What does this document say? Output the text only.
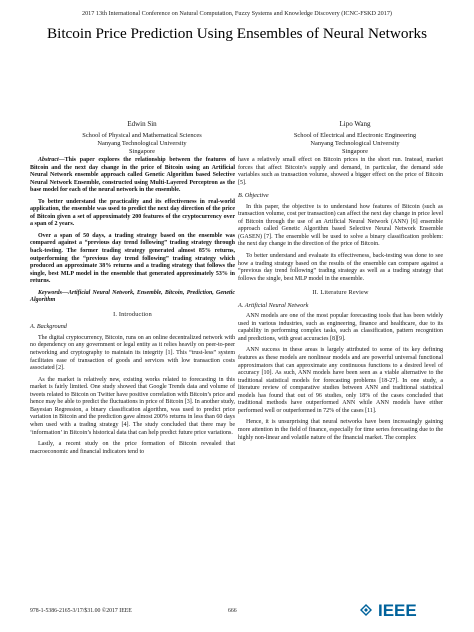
2017 13th International Conference on Natural Computation, Fuzzy Systems and Knowledge Discovery (ICNC-FSKD 2017)
Bitcoin Price Prediction Using Ensembles of Neural Networks
Edwin Sin
School of Physical and Mathematical Sciences
Nanyang Technological University
Singapore
Lipo Wang
School of Electrical and Electronic Engineering
Nanyang Technological University
Singapore

Abstract—This paper explores the relationship between the features of Bitcoin and the next day change in the price of Bitcoin using an Artificial Neural Network ensemble approach called Genetic Algorithm based Selective Neural Network Ensemble, constructed using Multi-Layered Perceptron as the base model for each of the neural network in the ensemble.

To better understand the practicality and its effectiveness in real-world application, the ensemble was used to predict the next day direction of the price of Bitcoin given a set of approximately 200 features of the cryptocurrency over a span of 2 years.

Over a span of 50 days, a trading strategy based on the ensemble was compared against a “previous day trend following” trading strategy through back-testing. The former trading strategy generated almost 85% returns, outperforming the “previous day trend following” trading strategy which produced an approximate 38% returns and a trading strategy that follows the single, best MLP model in the ensemble that generated approximately 53% in returns.

Keywords—Artificial Neural Network, Ensemble, Bitcoin, Prediction, Genetic Algorithm

I. Introduction
A. Background

The digital cryptocurrency, Bitcoin, runs on an online decentralized network with no dependency on any government or legal entity as it relies heavily on peer-to-peer networking and cryptography to maintain its integrity [1]. This “trust-less” system facilitates ease of transaction of goods and services with low transaction costs associated [2].

As the market is relatively new, existing works related to forecasting in this market is fairly limited. One study showed that Google Trends data and volume of tweets related to Bitcoin on Twitter have positive correlation with Bitcoin’s price and hence may be able to predict the fluctuations in price of Bitcoin [3]. In another study, Bayesian Regression, a binary classification algorithm, was used to predict price variation in Bitcoin and the prediction gave almost 200% returns in less than 60 days when used with a trading strategy [4]. The study concluded that there may be ‘information’ in Bitcoin’s historical data that can help predict future price variations.

Lastly, a recent study on the price formation of Bitcoin revealed that macroeconomic and financial indicators tend to

have a relatively small effect on Bitcoin prices in the short run. Instead, market forces that affect Bitcoin’s supply and demand, in particular, the demand side variables such as transaction volume, showed a bigger effect on the price of Bitcoin [5].

B. Objective

In this paper, the objective is to understand how features of Bitcoin (such as transaction volume, cost per transaction) can affect the next day change in price level of Bitcoin through the use of an Artificial Neural Network (ANN) [6] ensemble approach called Genetic Algorithm based Selective Neural Network Ensemble (GASEN) [7]. The ensemble will be used to solve a binary classification problem: the next day change in the direction of the price of Bitcoin.

To better understand and evaluate its effectiveness, back-testing was done to see how a trading strategy based on the results of the ensemble can compare against a “previous day trend following” trading strategy as well as a trading strategy that follows the single, best MLP model in the ensemble.

II. Literature Review
A. Artificial Neural Network

ANN models are one of the most popular forecasting tools that has been widely used in various industries, such as engineering, finance and healthcare, due to its capability in performing complex tasks, such as classification, pattern recognition and predictions, with great accuracies [8][9].

ANN success in these areas is largely attributed to some of its key defining features as these models are nonlinear models and are powerful universal functional approximators that can approximate any continuous functions to a desired level of accuracy [10]. As such, ANN models have been seen as a viable alternative to the traditional statistical models for forecasting problems [18-27]. In one study, a literature review of comparative studies between ANN and traditional statistical models has found that out of 96 studies, only 18% of the cases concluded that traditional methods have outperformed ANN while ANN models have either performed well or outperformed in 72% of the cases [11].

Hence, it is unsurprising that neural networks have been increasingly gaining more attention in the field of finance, especially for time series forecasting due to the highly non-linear and volatile nature of the financial market. The complex

978-1-5386-2165-3/17/$31.00 ©2017 IEEE	666	IEEE
